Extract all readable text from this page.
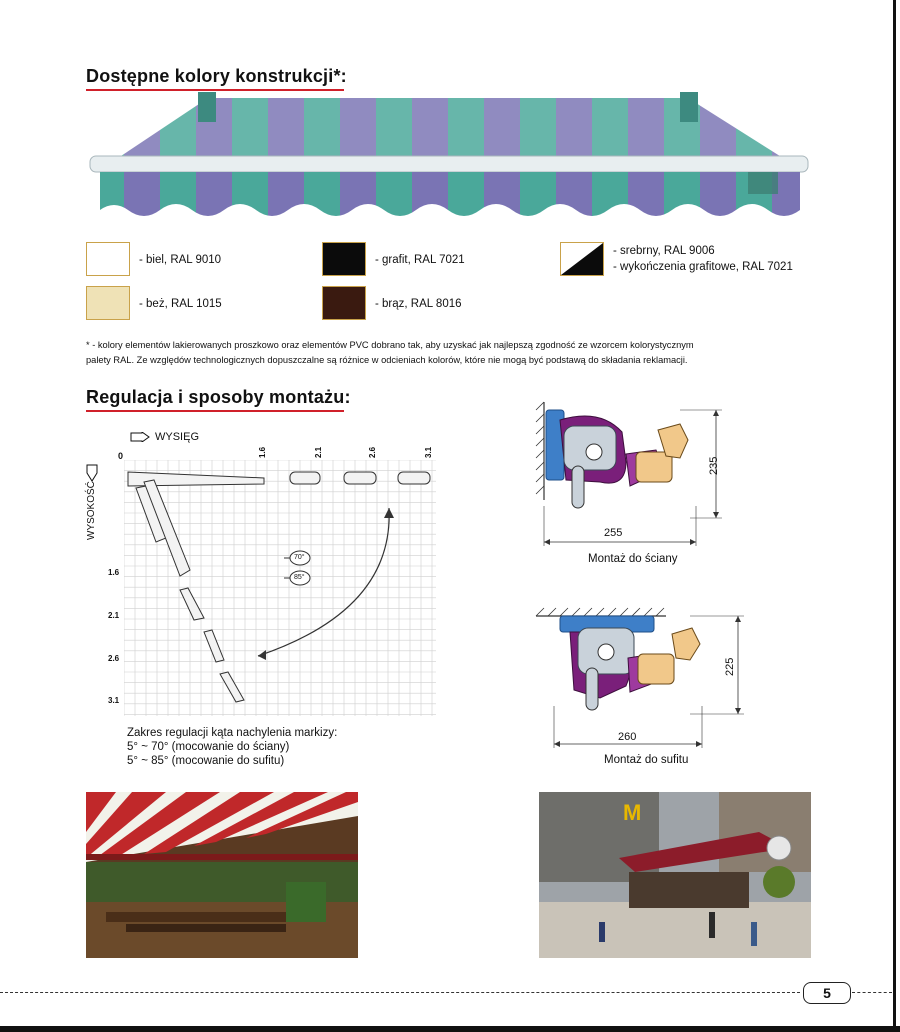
Dostępne kolory konstrukcji*:
- biel, RAL 9010	- grafit, RAL 7021
- srebrny, RAL 9006
- wykończenia grafitowe, RAL 7021
- beż, RAL 1015	- brąz, RAL 8016
* - kolory elementów lakierowanych proszkowo oraz elementów PVC dobrano tak, aby uzyskać jak najlepszą zgodność ze wzorcem kolorystycznym
palety RAL. Ze względów technologicznych dopuszczalne są różnice w odcieniach kolorów, które nie mogą być podstawą do składania reklamacji.
Regulacja i sposoby montażu:
WYSIĘG
0
WYSOKOŚĆ
70°
85°
1.6	2.1	2.6	3.1
1.6
2.1
2.6
3.1
Zakres regulacji kąta nachylenia markizy:
5° ~ 70° (mocowanie do ściany)
5° ~ 85° (mocowanie do sufitu)
255
235
Montaż do ściany
260
225
Montaż do sufitu
M
5
